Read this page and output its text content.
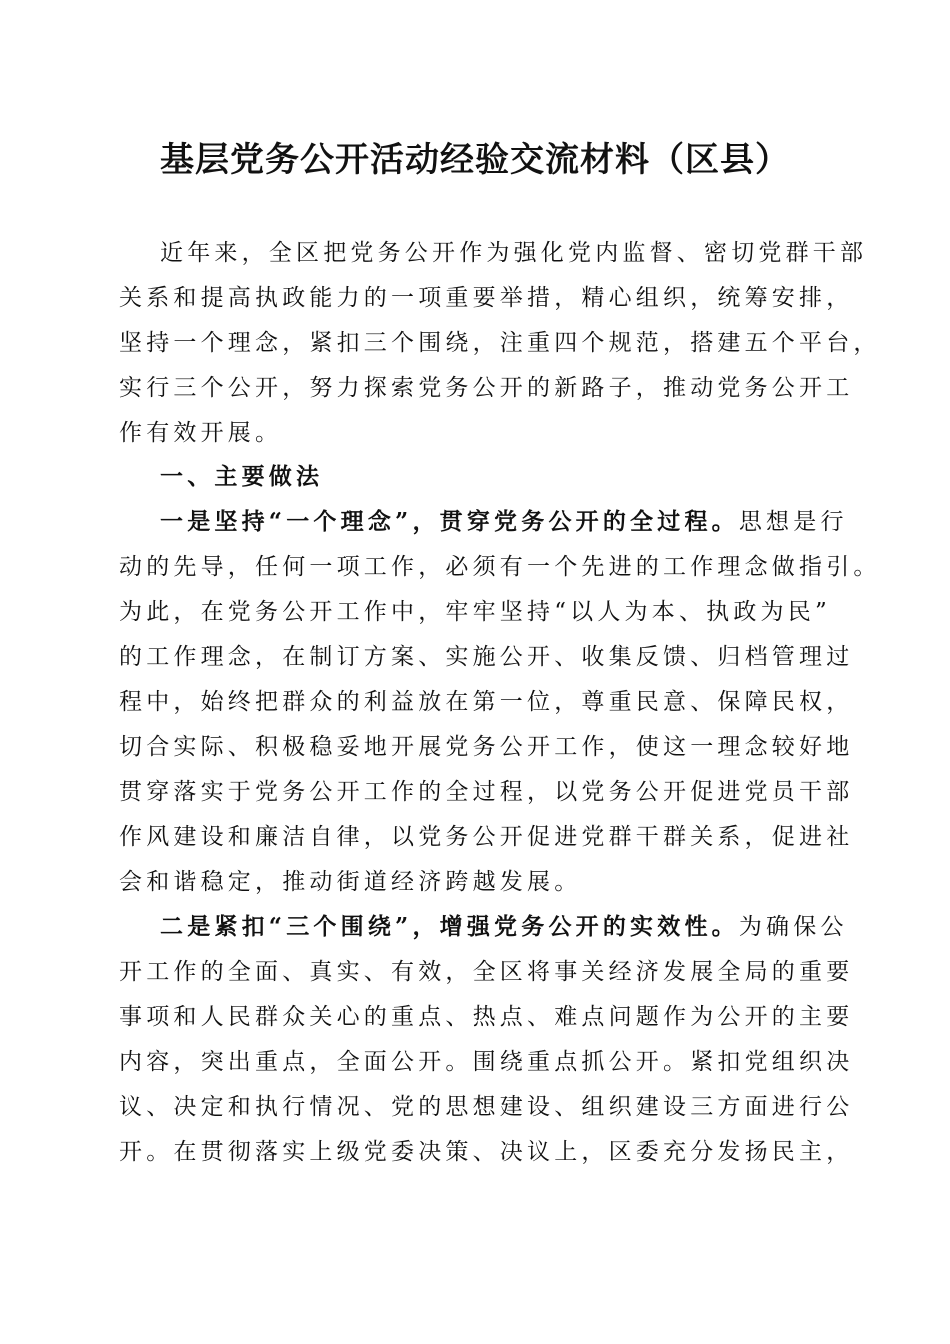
基层党务公开活动经验交流材料（区县）
近年来，全区把党务公开作为强化党内监督、密切党群干部
关系和提高执政能力的一项重要举措，精心组织，统筹安排，
坚持一个理念，紧扣三个围绕，注重四个规范，搭建五个平台，
实行三个公开，努力探索党务公开的新路子，推动党务公开工
作有效开展。
一、主要做法
一是坚持“一个理念”，贯穿党务公开的全过程。思想是行
动的先导，任何一项工作，必须有一个先进的工作理念做指引。
为此，在党务公开工作中，牢牢坚持“以人为本、执政为民”
的工作理念，在制订方案、实施公开、收集反馈、归档管理过
程中，始终把群众的利益放在第一位，尊重民意、保障民权，
切合实际、积极稳妥地开展党务公开工作，使这一理念较好地
贯穿落实于党务公开工作的全过程，以党务公开促进党员干部
作风建设和廉洁自律，以党务公开促进党群干群关系，促进社
会和谐稳定，推动街道经济跨越发展。
二是紧扣“三个围绕”，增强党务公开的实效性。为确保公
开工作的全面、真实、有效，全区将事关经济发展全局的重要
事项和人民群众关心的重点、热点、难点问题作为公开的主要
内容，突出重点，全面公开。围绕重点抓公开。紧扣党组织决
议、决定和执行情况、党的思想建设、组织建设三方面进行公
开。在贯彻落实上级党委决策、决议上，区委充分发扬民主，
